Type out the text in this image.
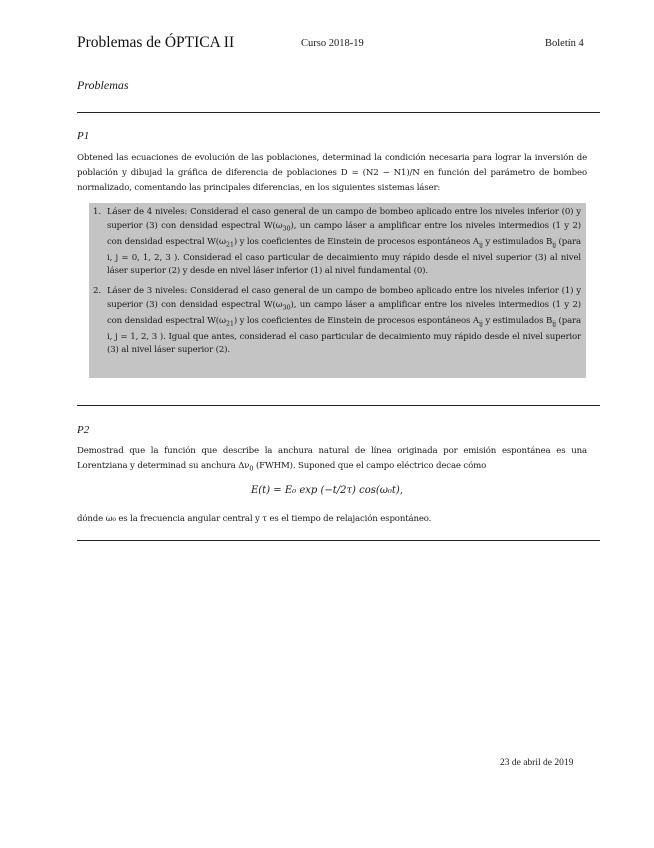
Problemas de ÓPTICA II	Curso 2018-19	Boletín 4
Problemas
P1
Obtened las ecuaciones de evolución de las poblaciones, determinad la condición necesaria para lograr la inversión de población y dibujad la gráfica de diferencia de poblaciones D = (N2 − N1)/N en función del parámetro de bombeo normalizado, comentando las principales diferencias, en los siguientes sistemas láser:
1. Láser de 4 niveles: Considerad el caso general de un campo de bombeo aplicado entre los niveles inferior (0) y superior (3) con densidad espectral $W(\omega_{30})$, un campo láser a amplificar entre los niveles intermedios (1 y 2) con densidad espectral $W(\omega_{21})$ y los coeficientes de Einstein de procesos espontáneos $A_{ij}$ y estimulados $B_{ij}$ (para i, j = 0, 1, 2, 3 ). Considerad el caso particular de decaimiento muy rápido desde el nivel superior (3) al nivel láser superior (2) y desde en nivel láser inferior (1) al nivel fundamental (0).
2. Láser de 3 niveles: Considerad el caso general de un campo de bombeo aplicado entre los niveles inferior (1) y superior (3) con densidad espectral $W(\omega_{30})$, un campo láser a amplificar entre los niveles intermedios (1 y 2) con densidad espectral $W(\omega_{21})$ y los coeficientes de Einstein de procesos espontáneos $A_{ij}$ y estimulados $B_{ij}$ (para i, j = 1, 2, 3 ). Igual que antes, considerad el caso particular de decaimiento muy rápido desde el nivel superior (3) al nivel láser superior (2).
P2
Demostrad que la función que describe la anchura natural de línea originada por emisión espontánea es una Lorentziana y determinad su anchura $\Delta\nu_0$ (FWHM). Suponed que el campo eléctrico decae cómo
E(t) = E₀ exp (−t/2τ) cos(ω₀t),
dónde ω₀ es la frecuencia angular central y τ es el tiempo de relajación espontáneo.
23 de abril de 2019
